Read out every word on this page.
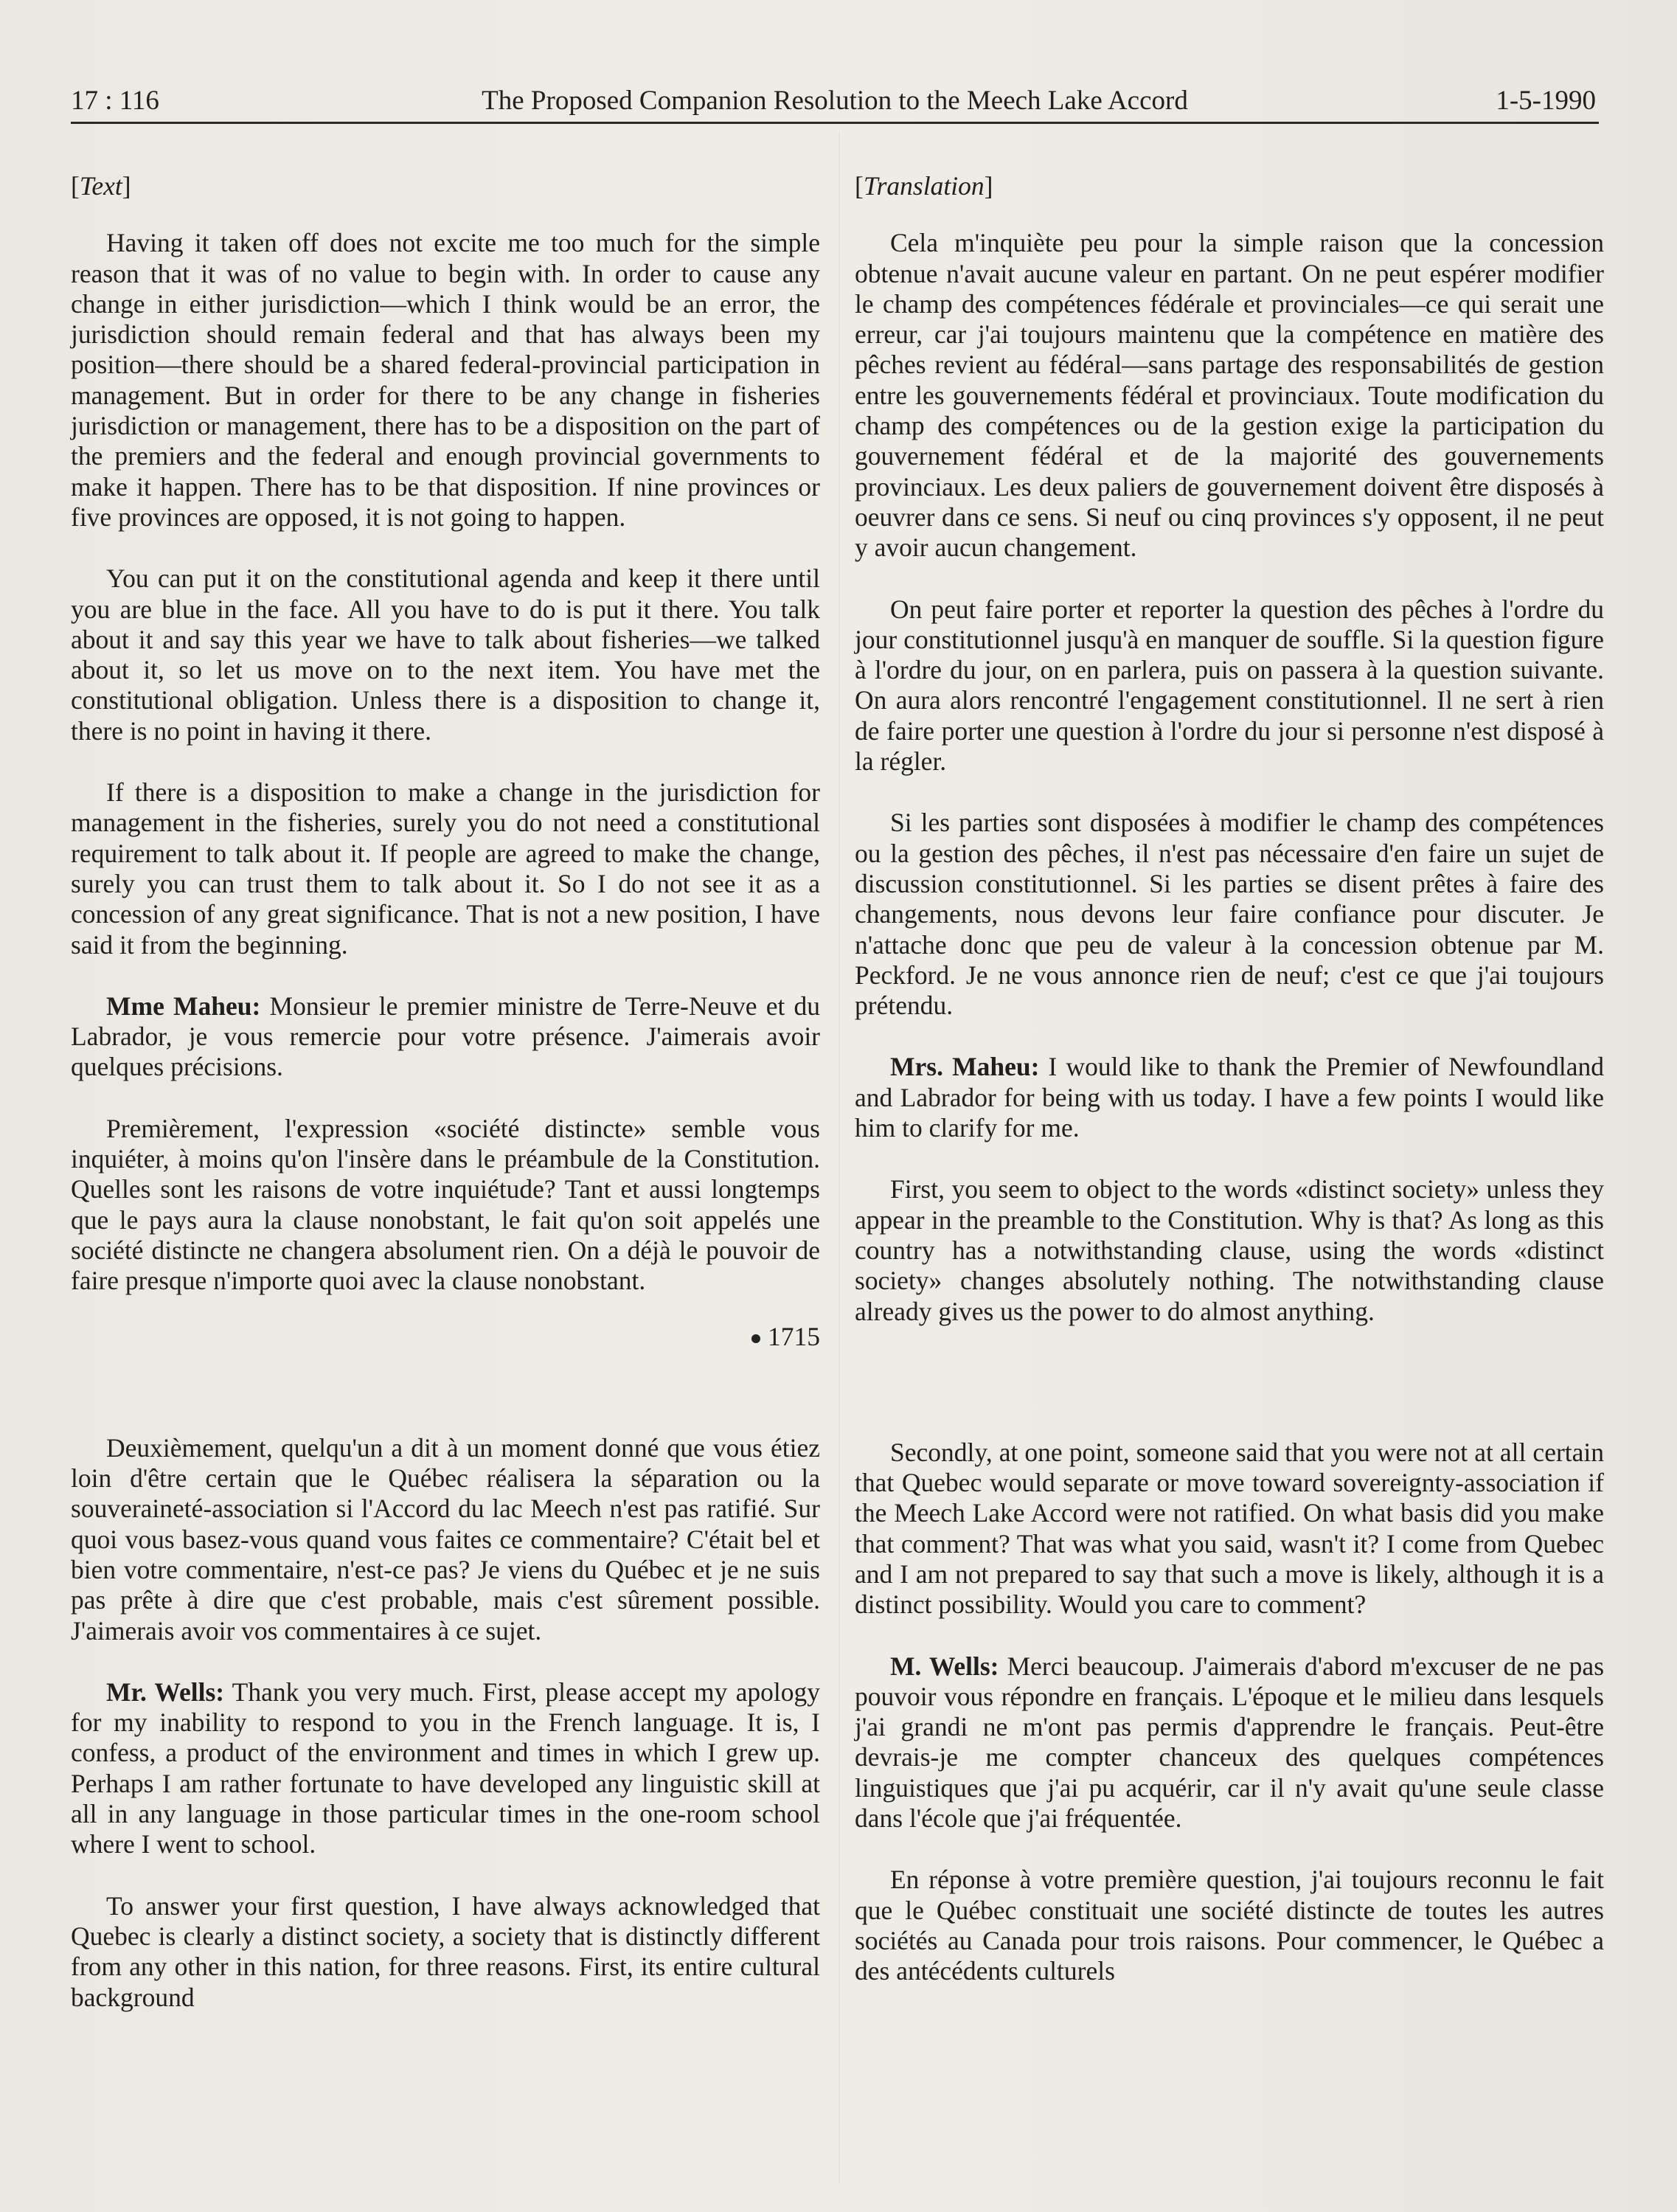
17 : 116	The Proposed Companion Resolution to the Meech Lake Accord	1-5-1990
[Text]

Having it taken off does not excite me too much for the simple reason that it was of no value to begin with. In order to cause any change in either jurisdiction—which I think would be an error, the jurisdiction should remain federal and that has always been my position—there should be a shared federal-provincial participation in management. But in order for there to be any change in fisheries jurisdiction or management, there has to be a disposition on the part of the premiers and the federal and enough provincial governments to make it happen. There has to be that disposition. If nine provinces or five provinces are opposed, it is not going to happen.

You can put it on the constitutional agenda and keep it there until you are blue in the face. All you have to do is put it there. You talk about it and say this year we have to talk about fisheries—we talked about it, so let us move on to the next item. You have met the constitutional obligation. Unless there is a disposition to change it, there is no point in having it there.

If there is a disposition to make a change in the jurisdiction for management in the fisheries, surely you do not need a constitutional requirement to talk about it. If people are agreed to make the change, surely you can trust them to talk about it. So I do not see it as a concession of any great significance. That is not a new position, I have said it from the beginning.

Mme Maheu: Monsieur le premier ministre de Terre-Neuve et du Labrador, je vous remercie pour votre présence. J'aimerais avoir quelques précisions.

Premièrement, l'expression «société distincte» semble vous inquiéter, à moins qu'on l'insère dans le préambule de la Constitution. Quelles sont les raisons de votre inquiétude? Tant et aussi longtemps que le pays aura la clause nonobstant, le fait qu'on soit appelés une société distincte ne changera absolument rien. On a déjà le pouvoir de faire presque n'importe quoi avec la clause nonobstant.

1715

Deuxièmement, quelqu'un a dit à un moment donné que vous étiez loin d'être certain que le Québec réalisera la séparation ou la souveraineté-association si l'Accord du lac Meech n'est pas ratifié. Sur quoi vous basez-vous quand vous faites ce commentaire? C'était bel et bien votre commentaire, n'est-ce pas? Je viens du Québec et je ne suis pas prête à dire que c'est probable, mais c'est sûrement possible. J'aimerais avoir vos commentaires à ce sujet.

Mr. Wells: Thank you very much. First, please accept my apology for my inability to respond to you in the French language. It is, I confess, a product of the environment and times in which I grew up. Perhaps I am rather fortunate to have developed any linguistic skill at all in any language in those particular times in the one-room school where I went to school.

To answer your first question, I have always acknowledged that Quebec is clearly a distinct society, a society that is distinctly different from any other in this nation, for three reasons. First, its entire cultural background

[Translation]

Cela m'inquiète peu pour la simple raison que la concession obtenue n'avait aucune valeur en partant. On ne peut espérer modifier le champ des compétences fédérale et provinciales—ce qui serait une erreur, car j'ai toujours maintenu que la compétence en matière des pêches revient au fédéral—sans partage des responsabilités de gestion entre les gouvernements fédéral et provinciaux. Toute modification du champ des compétences ou de la gestion exige la participation du gouvernement fédéral et de la majorité des gouvernements provinciaux. Les deux paliers de gouvernement doivent être disposés à oeuvrer dans ce sens. Si neuf ou cinq provinces s'y opposent, il ne peut y avoir aucun changement.

On peut faire porter et reporter la question des pêches à l'ordre du jour constitutionnel jusqu'à en manquer de souffle. Si la question figure à l'ordre du jour, on en parlera, puis on passera à la question suivante. On aura alors rencontré l'engagement constitutionnel. Il ne sert à rien de faire porter une question à l'ordre du jour si personne n'est disposé à la régler.

Si les parties sont disposées à modifier le champ des compétences ou la gestion des pêches, il n'est pas nécessaire d'en faire un sujet de discussion constitutionnel. Si les parties se disent prêtes à faire des changements, nous devons leur faire confiance pour discuter. Je n'attache donc que peu de valeur à la concession obtenue par M. Peckford. Je ne vous annonce rien de neuf; c'est ce que j'ai toujours prétendu.

Mrs. Maheu: I would like to thank the Premier of Newfoundland and Labrador for being with us today. I have a few points I would like him to clarify for me.

First, you seem to object to the words «distinct society» unless they appear in the preamble to the Constitution. Why is that? As long as this country has a notwithstanding clause, using the words «distinct society» changes absolutely nothing. The notwithstanding clause already gives us the power to do almost anything.

Secondly, at one point, someone said that you were not at all certain that Quebec would separate or move toward sovereignty-association if the Meech Lake Accord were not ratified. On what basis did you make that comment? That was what you said, wasn't it? I come from Quebec and I am not prepared to say that such a move is likely, although it is a distinct possibility. Would you care to comment?

M. Wells: Merci beaucoup. J'aimerais d'abord m'excuser de ne pas pouvoir vous répondre en français. L'époque et le milieu dans lesquels j'ai grandi ne m'ont pas permis d'apprendre le français. Peut-être devrais-je me compter chanceux des quelques compétences linguistiques que j'ai pu acquérir, car il n'y avait qu'une seule classe dans l'école que j'ai fréquentée.

En réponse à votre première question, j'ai toujours reconnu le fait que le Québec constituait une société distincte de toutes les autres sociétés au Canada pour trois raisons. Pour commencer, le Québec a des antécédents culturels
